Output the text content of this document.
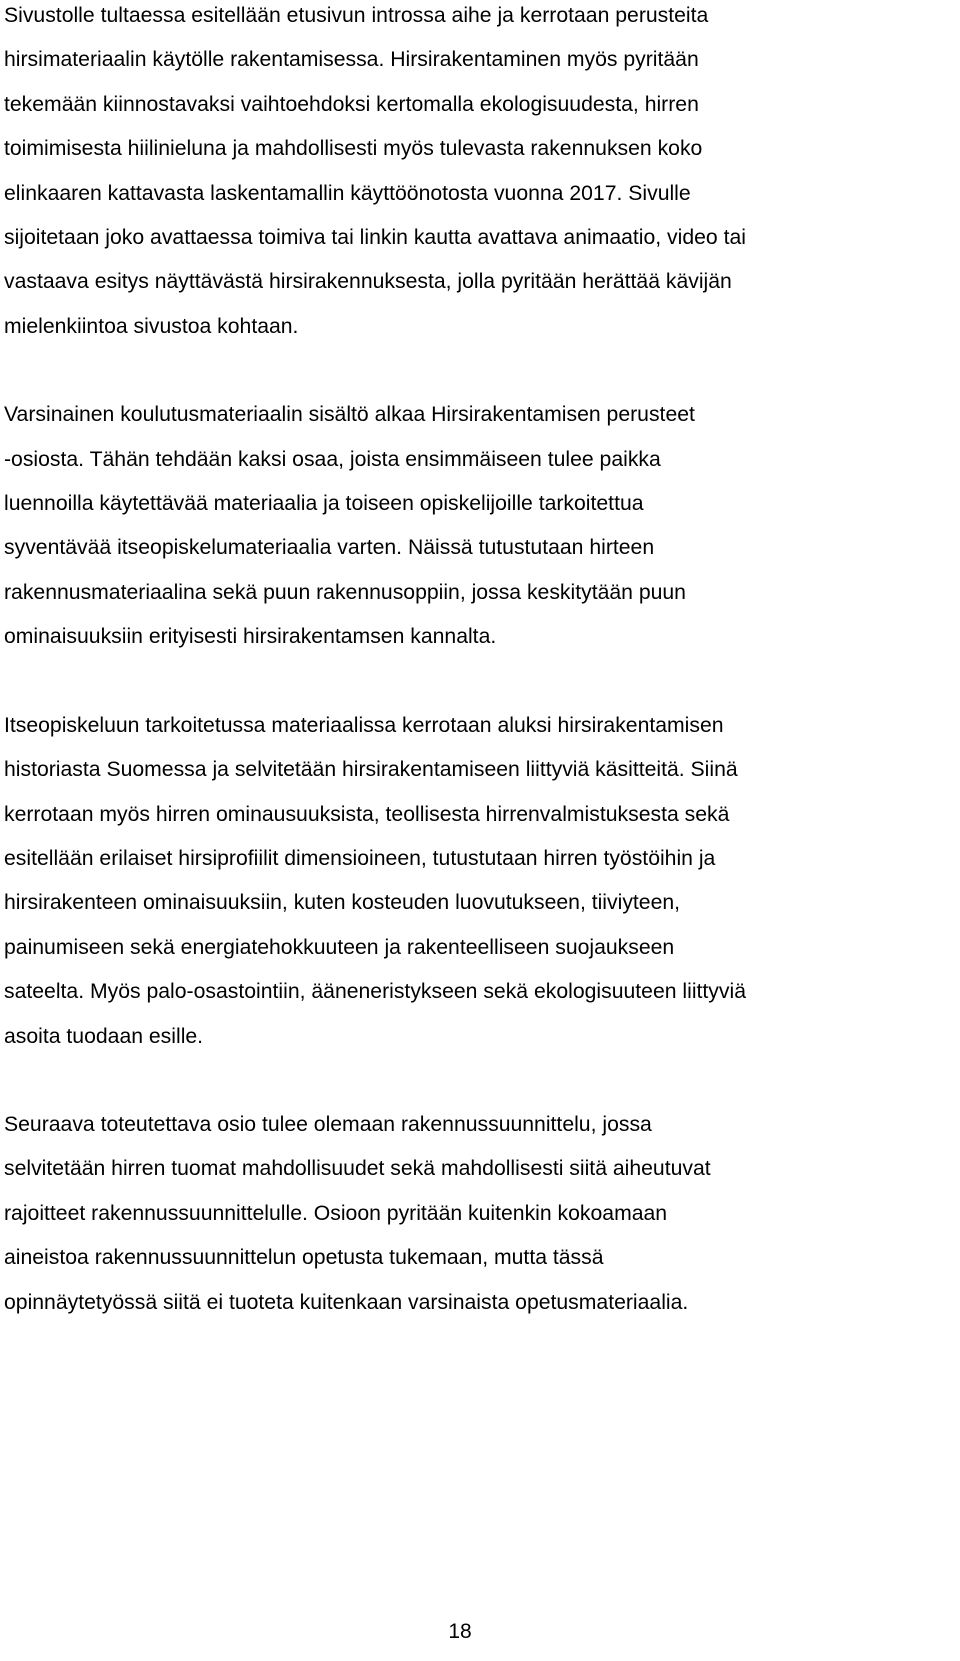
Sivustolle tultaessa esitellään etusivun introssa aihe ja kerrotaan perusteita
hirsimateriaalin käytölle rakentamisessa. Hirsirakentaminen myös pyritään
tekemään kiinnostavaksi vaihtoehdoksi kertomalla ekologisuudesta, hirren
toimimisesta hiilinieluna ja mahdollisesti myös tulevasta rakennuksen koko
elinkaaren kattavasta laskentamallin käyttöönotosta vuonna 2017. Sivulle
sijoitetaan joko avattaessa toimiva tai linkin kautta avattava animaatio, video tai
vastaava esitys näyttävästä hirsirakennuksesta, jolla pyritään herättää kävijän
mielenkiintoa sivustoa kohtaan.

Varsinainen koulutusmateriaalin sisältö alkaa Hirsirakentamisen perusteet
-osiosta. Tähän tehdään kaksi osaa, joista ensimmäiseen tulee paikka
luennoilla käytettävää materiaalia ja toiseen opiskelijoille tarkoitettua
syventävää itseopiskelumateriaalia varten. Näissä tutustutaan hirteen
rakennusmateriaalina sekä puun rakennusoppiin, jossa keskitytään puun
ominaisuuksiin erityisesti hirsirakentamsen kannalta.

Itseopiskeluun tarkoitetussa materiaalissa kerrotaan aluksi hirsirakentamisen
historiasta Suomessa ja selvitetään hirsirakentamiseen liittyviä käsitteitä. Siinä
kerrotaan myös hirren ominausuuksista, teollisesta hirrenvalmistuksesta sekä
esitellään erilaiset hirsiprofiilit dimensioineen, tutustutaan hirren työstöihin ja
hirsirakenteen ominaisuuksiin, kuten kosteuden luovutukseen, tiiviyteen,
painumiseen sekä energiatehokkuuteen ja rakenteelliseen suojaukseen
sateelta. Myös palo-osastointiin, ääneneristykseen sekä ekologisuuteen liittyviä
asoita tuodaan esille.

Seuraava toteutettava osio tulee olemaan rakennussuunnittelu, jossa
selvitetään hirren tuomat mahdollisuudet sekä mahdollisesti siitä aiheutuvat
rajoitteet rakennussuunnittelulle. Osioon pyritään kuitenkin kokoamaan
aineistoa rakennussuunnittelun opetusta tukemaan, mutta tässä
opinnäytetyössä siitä ei tuoteta kuitenkaan varsinaista opetusmateriaalia.

18
